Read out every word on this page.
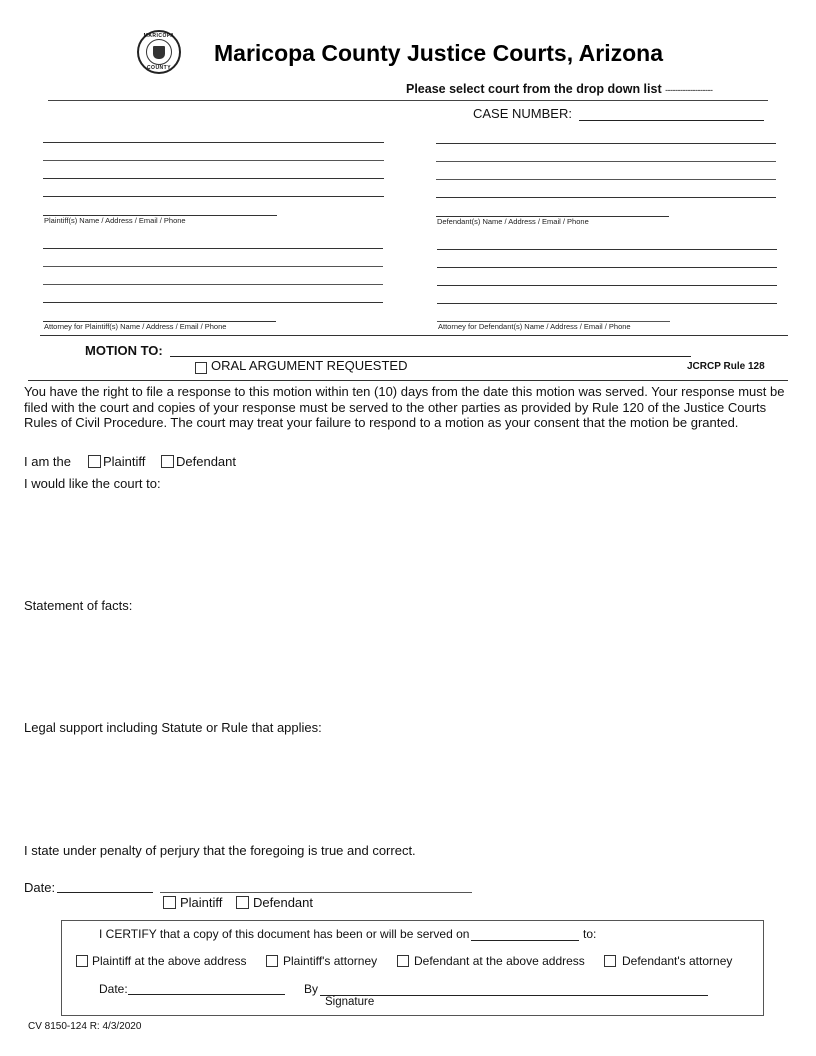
MARICOPA
COUNTY
Maricopa County Justice Courts, Arizona
Please select court from the drop down list -------------------
CASE NUMBER:
Plaintiff(s) Name / Address / Email / Phone	Defendant(s) Name / Address / Email / Phone
Attorney for Plaintiff(s) Name / Address / Email / Phone	Attorney for Defendant(s) Name / Address / Email / Phone
MOTION TO:
ORAL ARGUMENT REQUESTED	JCRCP Rule 128
You have the right to file a response to this motion within ten (10) days from the date this motion was served. Your response must be filed with the court and copies of your response must be served to the other parties as provided by Rule 120 of the Justice Courts Rules of Civil Procedure. The court may treat your failure to respond to a motion as your consent that the motion be granted.
I am the Plaintiff Defendant
I would like the court to:
Statement of facts:
Legal support including Statute or Rule that applies:
I state under penalty of perjury that the foregoing is true and correct.
Date:
Plaintiff Defendant
I CERTIFY that a copy of this document has been or will be served on	to:
Plaintiff at the above address	Plaintiff's attorney	Defendant at the above address	Defendant's attorney
Date:	By
Signature
CV 8150-124 R: 4/3/2020
